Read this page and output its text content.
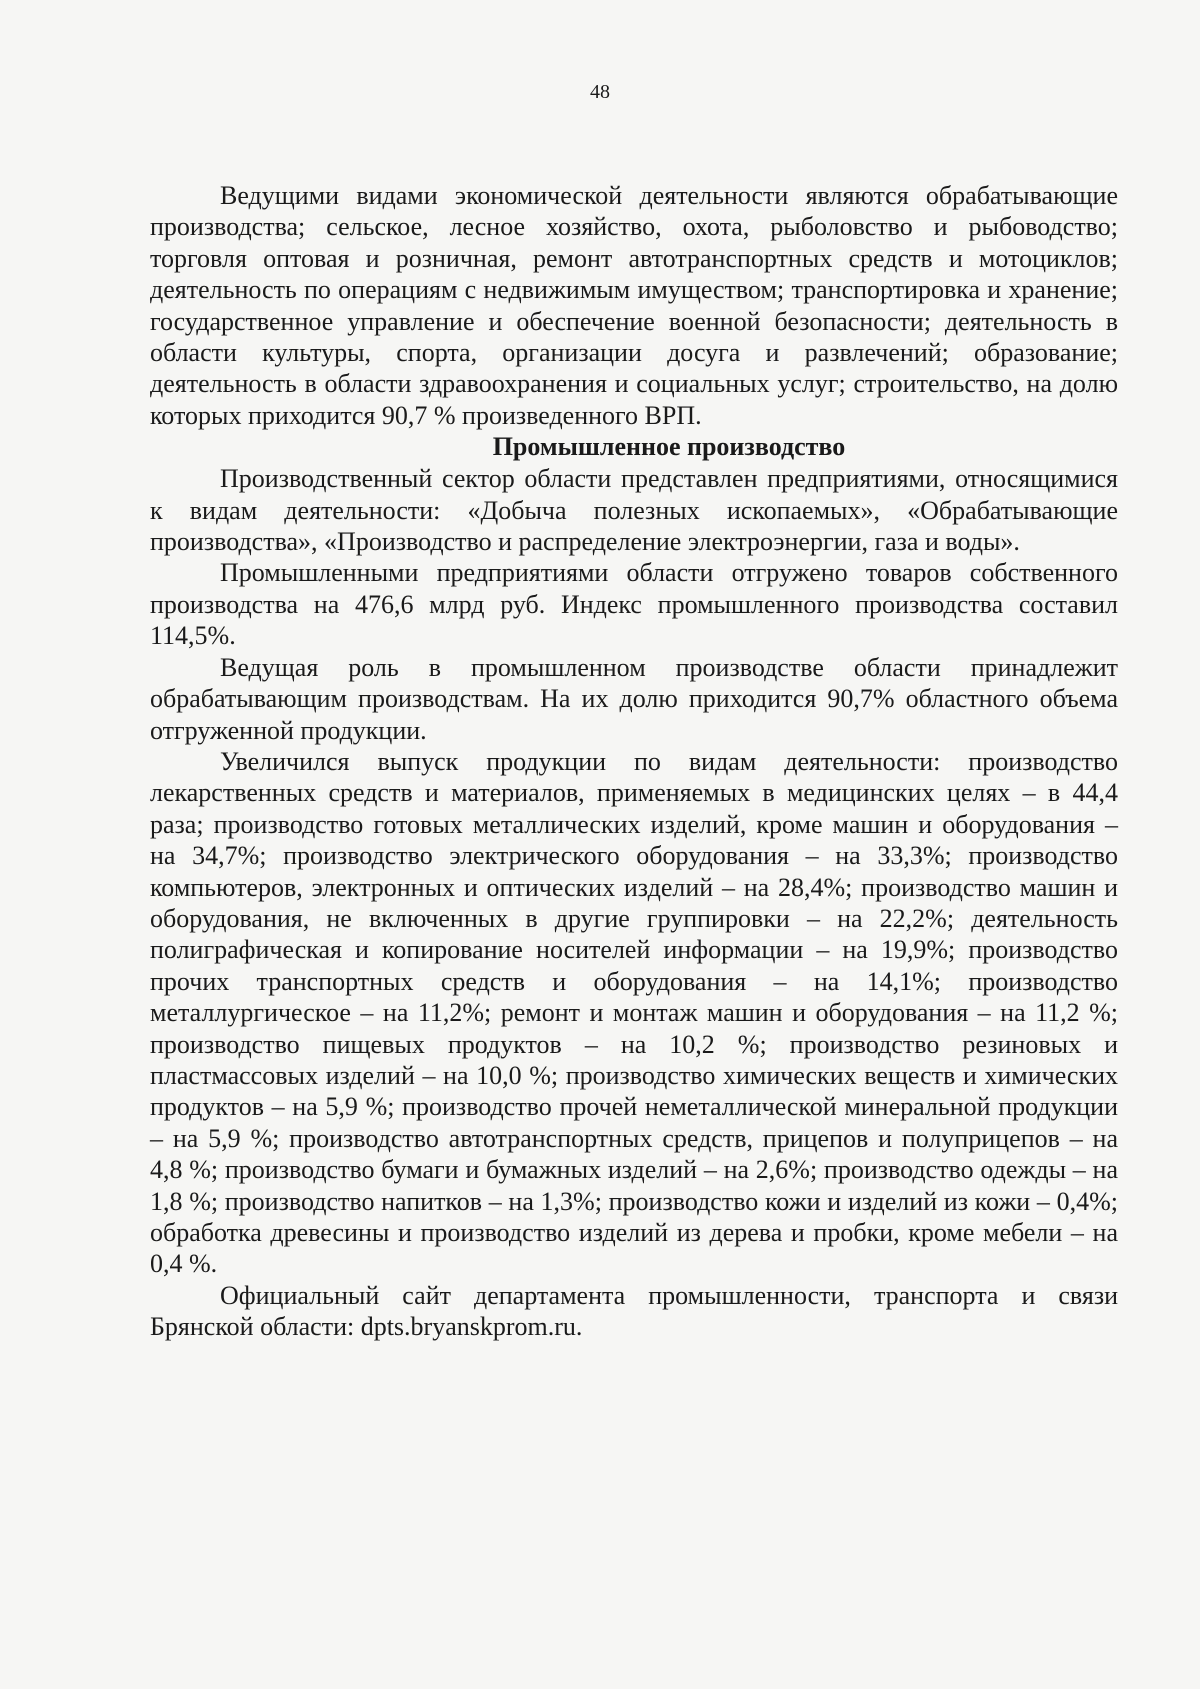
48

Ведущими видами экономической деятельности являются обрабатывающие производства; сельское, лесное хозяйство, охота, рыболовство и рыбоводство; торговля оптовая и розничная, ремонт автотранспортных средств и мотоциклов; деятельность по операциям с недвижимым имуществом; транспортировка и хранение; государственное управление и обеспечение военной безопасности; деятельность в области культуры, спорта, организации досуга и развлечений; образование; деятельность в области здравоохранения и социальных услуг; строительство, на долю которых приходится 90,7 % произведенного ВРП.

Промышленное производство

Производственный сектор области представлен предприятиями, относящимися к видам деятельности: «Добыча полезных ископаемых», «Обрабатывающие производства», «Производство и распределение электроэнергии, газа и воды».

Промышленными предприятиями области отгружено товаров собственного производства на 476,6 млрд руб. Индекс промышленного производства составил 114,5%.

Ведущая роль в промышленном производстве области принадлежит обрабатывающим производствам. На их долю приходится 90,7% областного объема отгруженной продукции.

Увеличился выпуск продукции по видам деятельности: производство лекарственных средств и материалов, применяемых в медицинских целях – в 44,4 раза; производство готовых металлических изделий, кроме машин и оборудования – на 34,7%; производство электрического оборудования – на 33,3%; производство компьютеров, электронных и оптических изделий – на 28,4%; производство машин и оборудования, не включенных в другие группировки – на 22,2%; деятельность полиграфическая и копирование носителей информации – на 19,9%; производство прочих транспортных средств и оборудования – на 14,1%; производство металлургическое – на 11,2%; ремонт и монтаж машин и оборудования – на 11,2 %; производство пищевых продуктов – на 10,2 %; производство резиновых и пластмассовых изделий – на 10,0 %; производство химических веществ и химических продуктов – на 5,9 %; производство прочей неметаллической минеральной продукции – на 5,9 %; производство автотранспортных средств, прицепов и полуприцепов – на 4,8 %; производство бумаги и бумажных изделий – на 2,6%; производство одежды – на 1,8 %; производство напитков – на 1,3%; производство кожи и изделий из кожи – 0,4%; обработка древесины и производство изделий из дерева и пробки, кроме мебели – на 0,4 %.

Официальный сайт департамента промышленности, транспорта и связи Брянской области: dpts.bryanskprom.ru.
